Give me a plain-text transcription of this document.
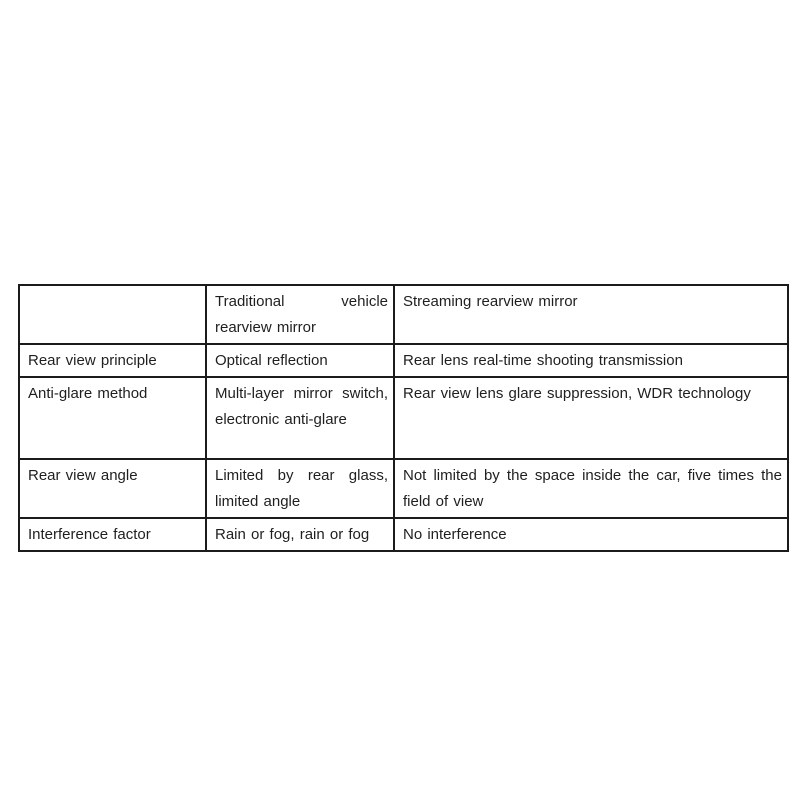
	Traditional vehicle rearview mirror	Streaming rearview mirror
Rear view principle	Optical reflection	Rear lens real-time shooting transmission
Anti-glare method	Multi-layer mirror switch, electronic anti-glare	Rear view lens glare suppression, WDR technology
Rear view angle	Limited by rear glass, limited angle	Not limited by the space inside the car, five times the field of view
Interference factor	Rain or fog, rain or fog	No interference
